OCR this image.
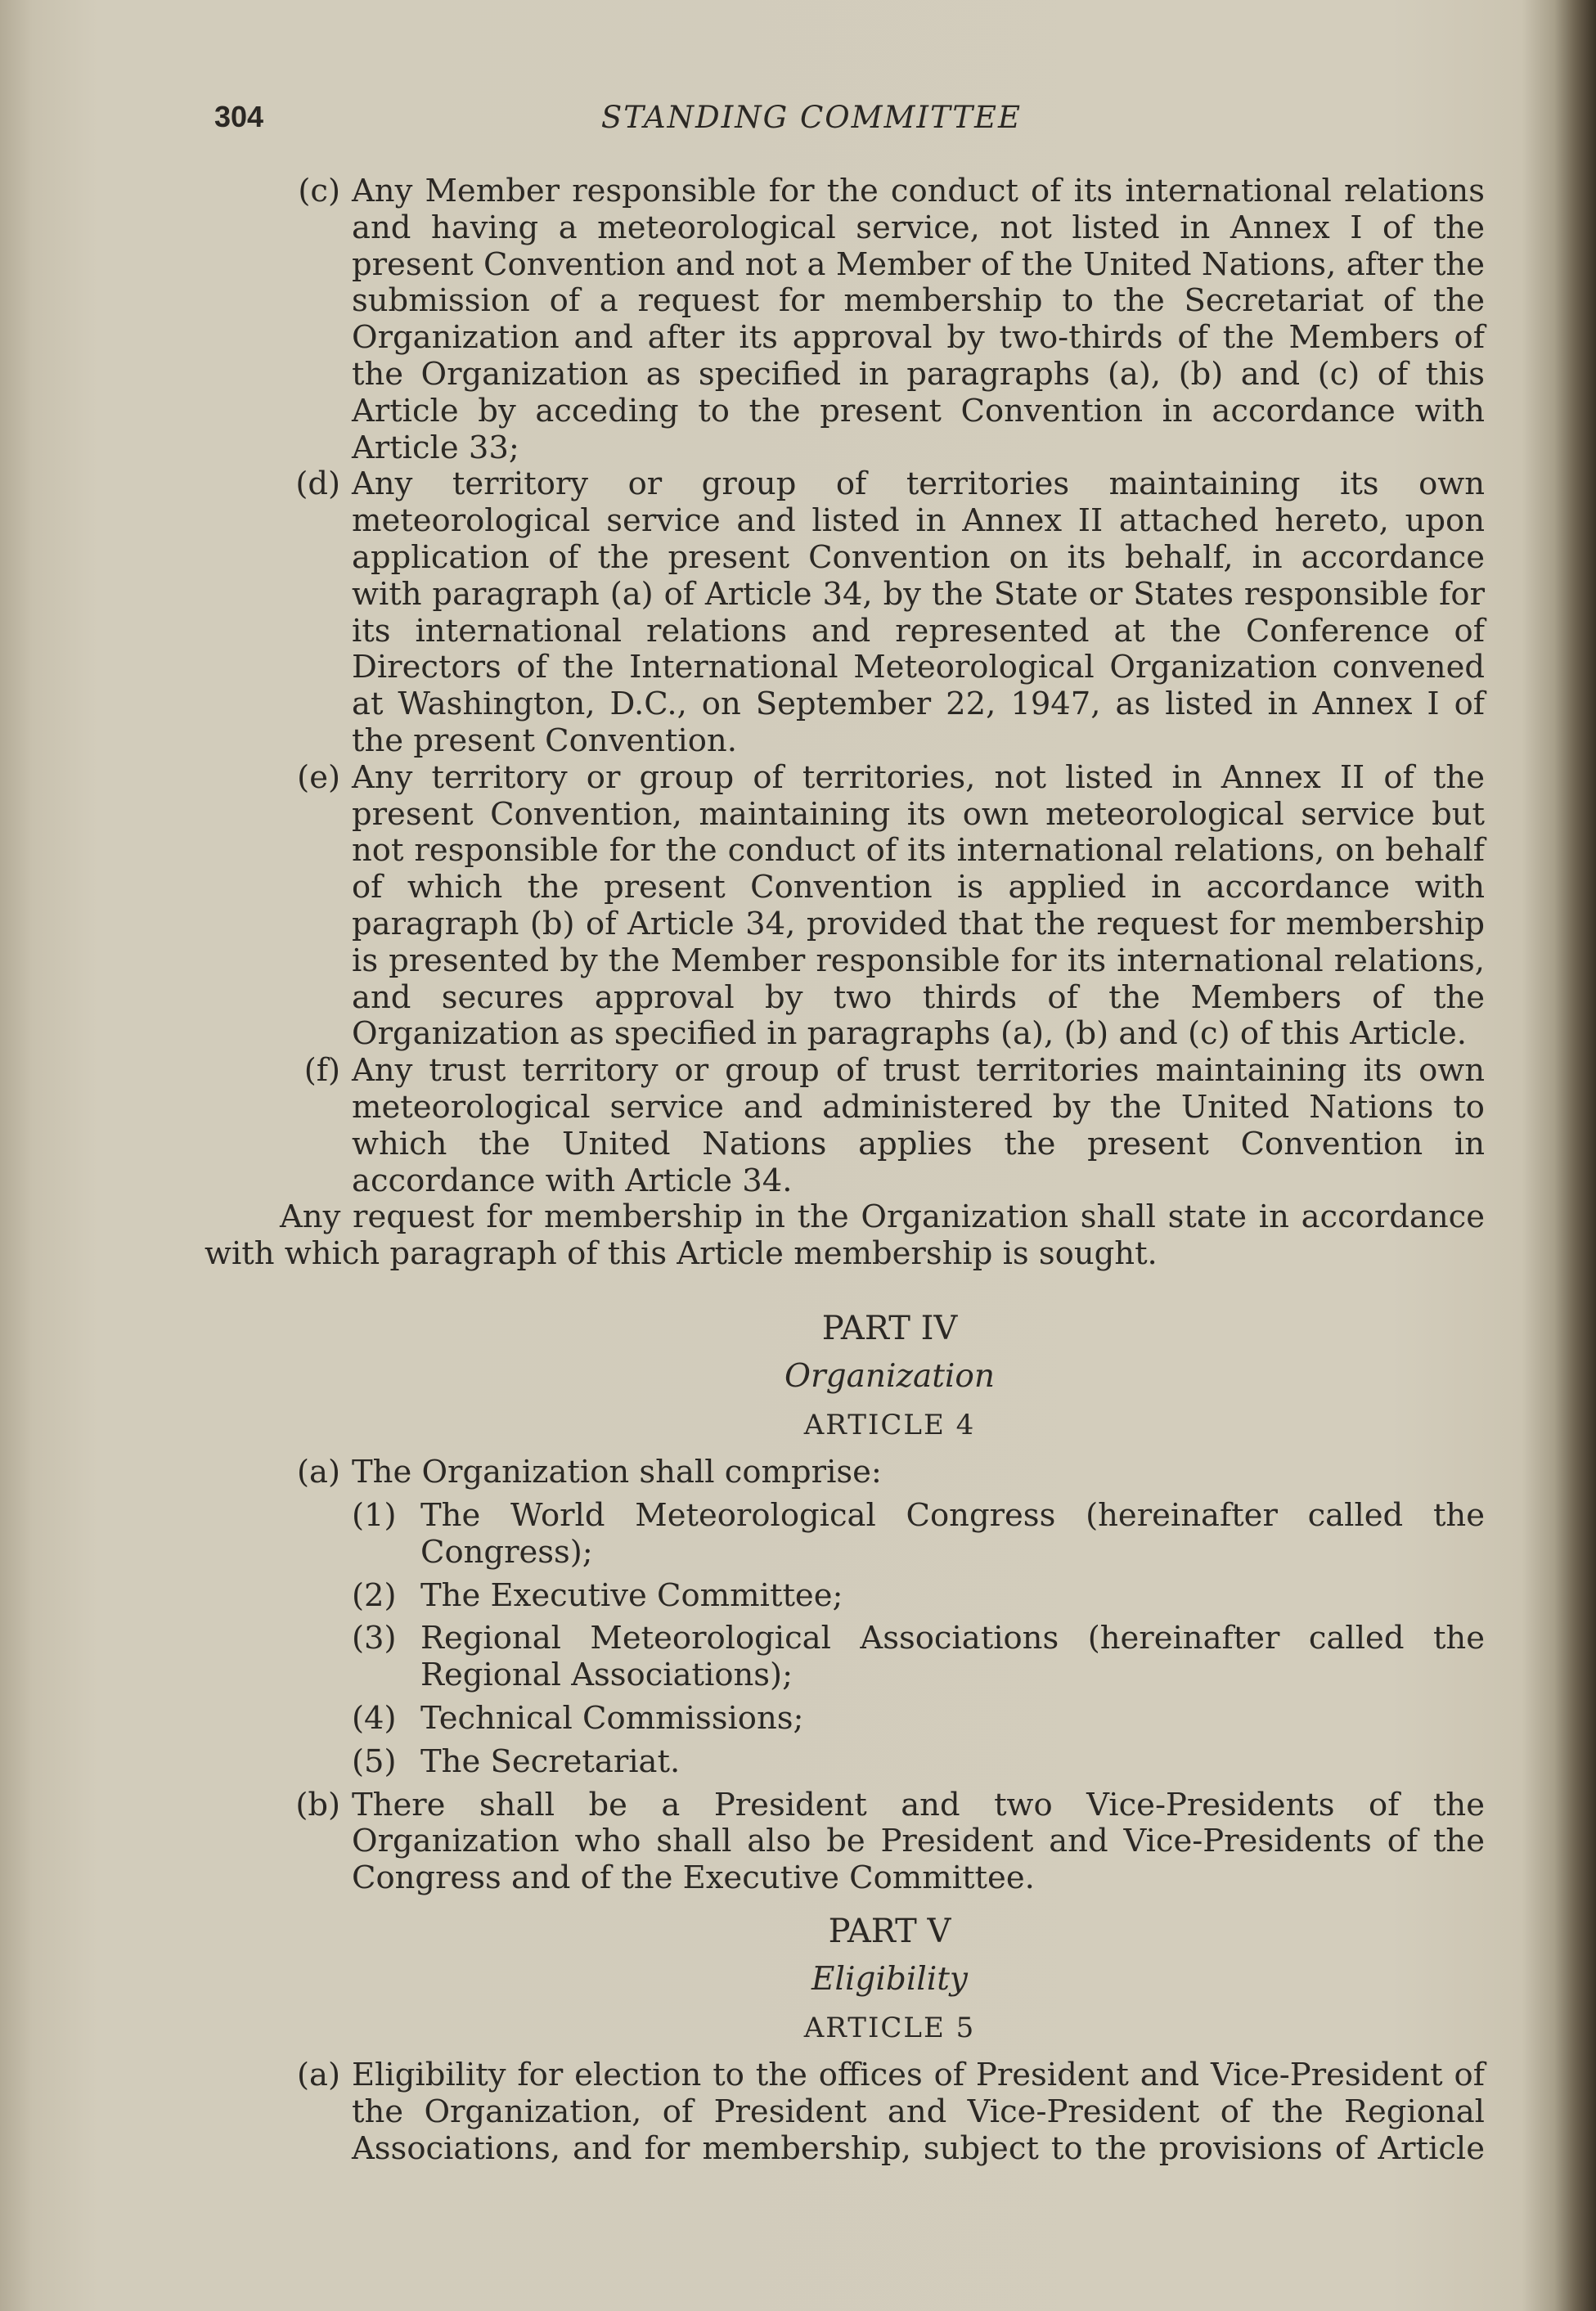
304	STANDING COMMITTEE
(c) Any Member responsible for the conduct of its international relations and having a meteorological service, not listed in Annex I of the present Convention and not a Member of the United Nations, after the submission of a request for membership to the Secretariat of the Organization and after its approval by two-thirds of the Members of the Organization as specified in paragraphs (a), (b) and (c) of this Article by acceding to the present Convention in accordance with Article 33;

(d) Any territory or group of territories maintaining its own meteorological service and listed in Annex II attached hereto, upon application of the present Convention on its behalf, in accordance with paragraph (a) of Article 34, by the State or States responsible for its international relations and represented at the Conference of Directors of the International Meteorological Organization convened at Washington, D.C., on September 22, 1947, as listed in Annex I of the present Convention.

(e) Any territory or group of territories, not listed in Annex II of the present Convention, maintaining its own meteorological service but not responsible for the conduct of its international relations, on behalf of which the present Convention is applied in accordance with paragraph (b) of Article 34, provided that the request for membership is presented by the Member responsible for its international relations, and secures approval by two thirds of the Members of the Organization as specified in paragraphs (a), (b) and (c) of this Article.

(f) Any trust territory or group of trust territories maintaining its own meteorological service and administered by the United Nations to which the United Nations applies the present Convention in accordance with Article 34.

Any request for membership in the Organization shall state in accordance with which paragraph of this Article membership is sought.

PART IV

Organization

ARTICLE 4

(a) The Organization shall comprise:

(1) The World Meteorological Congress (hereinafter called the Congress);

(2) The Executive Committee;

(3) Regional Meteorological Associations (hereinafter called the Regional Associations);

(4) Technical Commissions;

(5) The Secretariat.

(b) There shall be a President and two Vice-Presidents of the Organization who shall also be President and Vice-Presidents of the Congress and of the Executive Committee.

PART V

Eligibility

ARTICLE 5

(a) Eligibility for election to the offices of President and Vice-President of the Organization, of President and Vice-President of the Regional Associations, and for membership, subject to the provisions of Article
